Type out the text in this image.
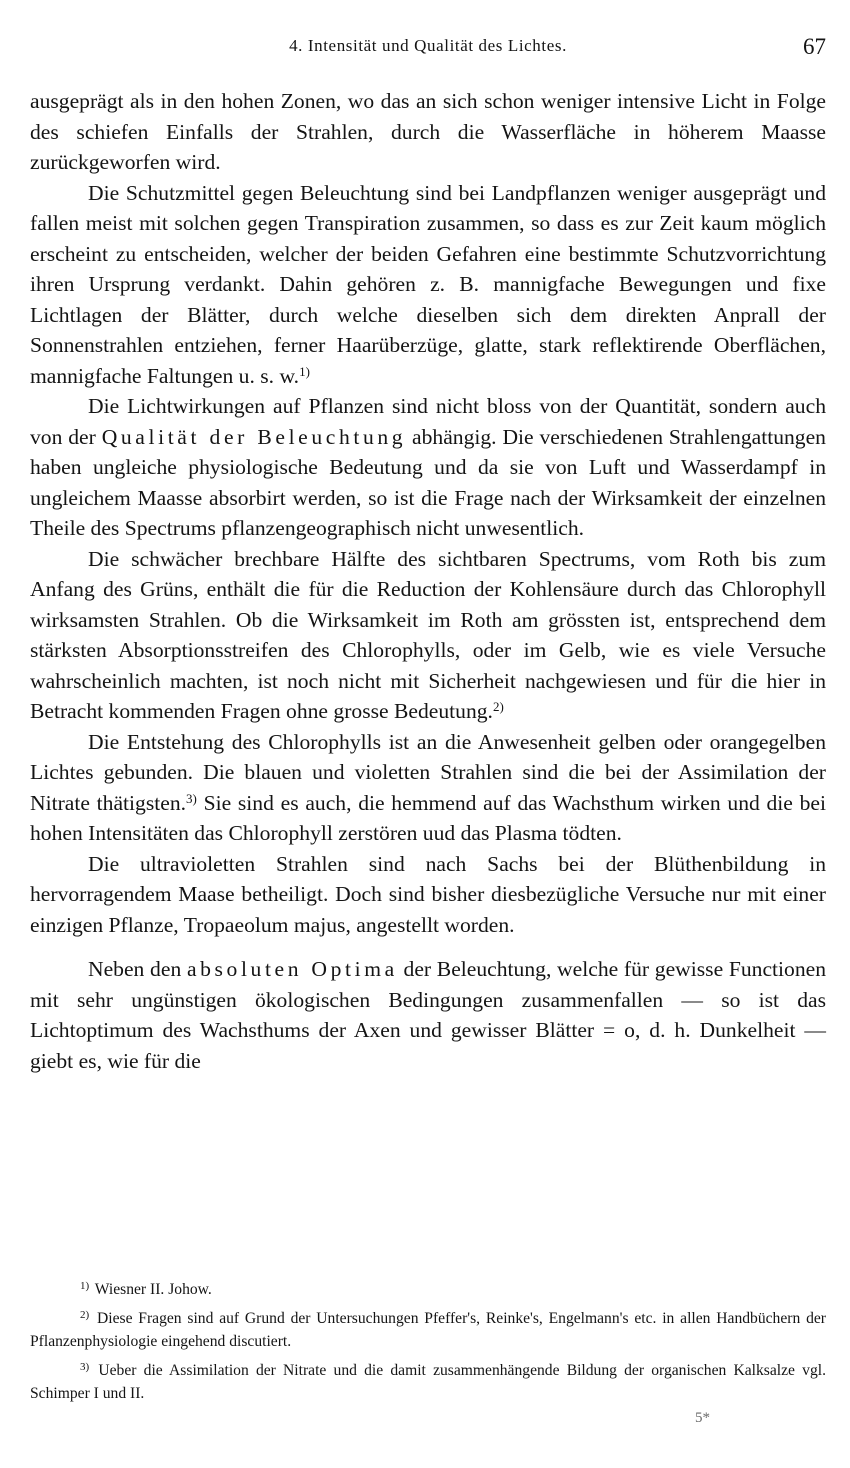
4. Intensität und Qualität des Lichtes.	67

ausgeprägt als in den hohen Zonen, wo das an sich schon weniger intensive Licht in Folge des schiefen Einfalls der Strahlen, durch die Wasserfläche in höherem Maasse zurückgeworfen wird.

Die Schutzmittel gegen Beleuchtung sind bei Landpflanzen weniger ausgeprägt und fallen meist mit solchen gegen Transpiration zusammen, so dass es zur Zeit kaum möglich erscheint zu entscheiden, welcher der beiden Gefahren eine bestimmte Schutzvorrichtung ihren Ursprung verdankt. Dahin gehören z. B. mannigfache Bewegungen und fixe Lichtlagen der Blätter, durch welche dieselben sich dem direkten Anprall der Sonnenstrahlen entziehen, ferner Haarüberzüge, glatte, stark reflektirende Oberflächen, mannigfache Faltungen u. s. w.$^{1)}$

Die Lichtwirkungen auf Pflanzen sind nicht bloss von der Quantität, sondern auch von der Qualität der Beleuchtung abhängig. Die verschiedenen Strahlengattungen haben ungleiche physiologische Bedeutung und da sie von Luft und Wasserdampf in ungleichem Maasse absorbirt werden, so ist die Frage nach der Wirksamkeit der einzelnen Theile des Spectrums pflanzengeographisch nicht unwesentlich.

Die schwächer brechbare Hälfte des sichtbaren Spectrums, vom Roth bis zum Anfang des Grüns, enthält die für die Reduction der Kohlensäure durch das Chlorophyll wirksamsten Strahlen. Ob die Wirksamkeit im Roth am grössten ist, entsprechend dem stärksten Absorptionsstreifen des Chlorophylls, oder im Gelb, wie es viele Versuche wahrscheinlich machten, ist noch nicht mit Sicherheit nachgewiesen und für die hier in Betracht kommenden Fragen ohne grosse Bedeutung.$^{2)}$

Die Entstehung des Chlorophylls ist an die Anwesenheit gelben oder orangegelben Lichtes gebunden. Die blauen und violetten Strahlen sind die bei der Assimilation der Nitrate thätigsten.$^{3)}$ Sie sind es auch, die hemmend auf das Wachsthum wirken und die bei hohen Intensitäten das Chlorophyll zerstören uud das Plasma tödten.

Die ultravioletten Strahlen sind nach Sachs bei der Blüthenbildung in hervorragendem Maase betheiligt. Doch sind bisher diesbezügliche Versuche nur mit einer einzigen Pflanze, Tropaeolum majus, angestellt worden.

Neben den absoluten Optima der Beleuchtung, welche für gewisse Functionen mit sehr ungünstigen ökologischen Bedingungen zusammenfallen — so ist das Lichtoptimum des Wachsthums der Axen und gewisser Blätter = o, d. h. Dunkelheit — giebt es, wie für die

$^{1)}$ Wiesner II. Johow.

$^{2)}$ Diese Fragen sind auf Grund der Untersuchungen Pfeffer's, Reinke's, Engelmann's etc. in allen Handbüchern der Pflanzenphysiologie eingehend discutiert.

$^{3)}$ Ueber die Assimilation der Nitrate und die damit zusammenhängende Bildung der organischen Kalksalze vgl. Schimper I und II.

5*
